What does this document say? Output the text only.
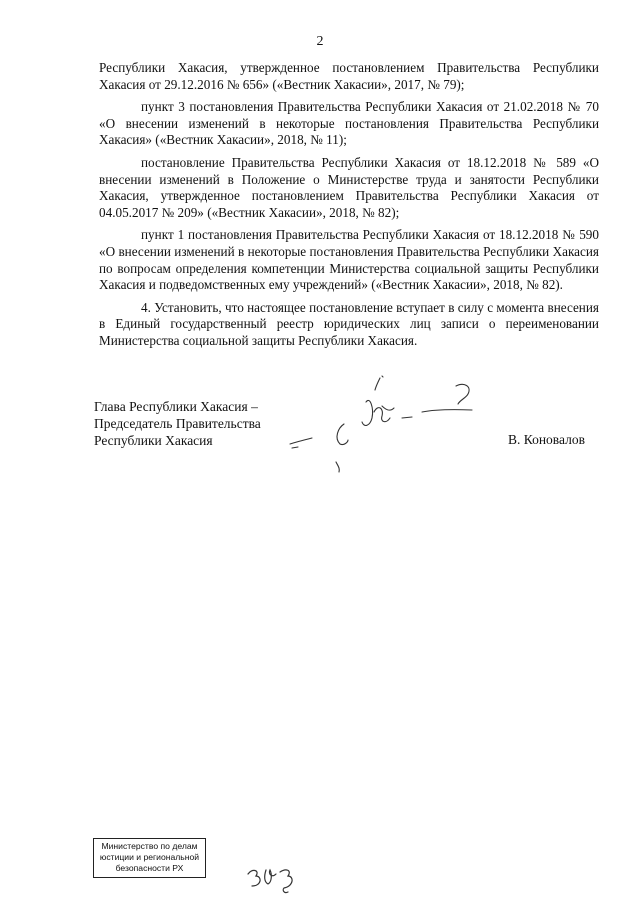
2

Республики Хакасия, утвержденное постановлением Правительства Республики Хакасия от 29.12.2016 № 656» («Вестник Хакасии», 2017, № 79);

пункт 3 постановления Правительства Республики Хакасия от 21.02.2018 № 70 «О внесении изменений в некоторые постановления Правительства Республики Хакасия» («Вестник Хакасии», 2018, № 11);

постановление Правительства Республики Хакасия от 18.12.2018 № 589 «О внесении изменений в Положение о Министерстве труда и занятости Республики Хакасия, утвержденное постановлением Правительства Республики Хакасия от 04.05.2017 № 209» («Вестник Хакасии», 2018, № 82);

пункт 1 постановления Правительства Республики Хакасия от 18.12.2018 № 590 «О внесении изменений в некоторые постановления Правительства Республики Хакасия по вопросам определения компетенции Министерства социальной защиты Республики Хакасия и подведомственных ему учреждений» («Вестник Хакасии», 2018, № 82).

4. Установить, что настоящее постановление вступает в силу с момента внесения в Единый государственный реестр юридических лиц записи о переименовании Министерства социальной защиты Республики Хакасия.

Глава Республики Хакасия –
Председатель Правительства
Республики Хакасия	В. Коновалов
Министерство по делам
юстиции и региональной
безопасности РХ
